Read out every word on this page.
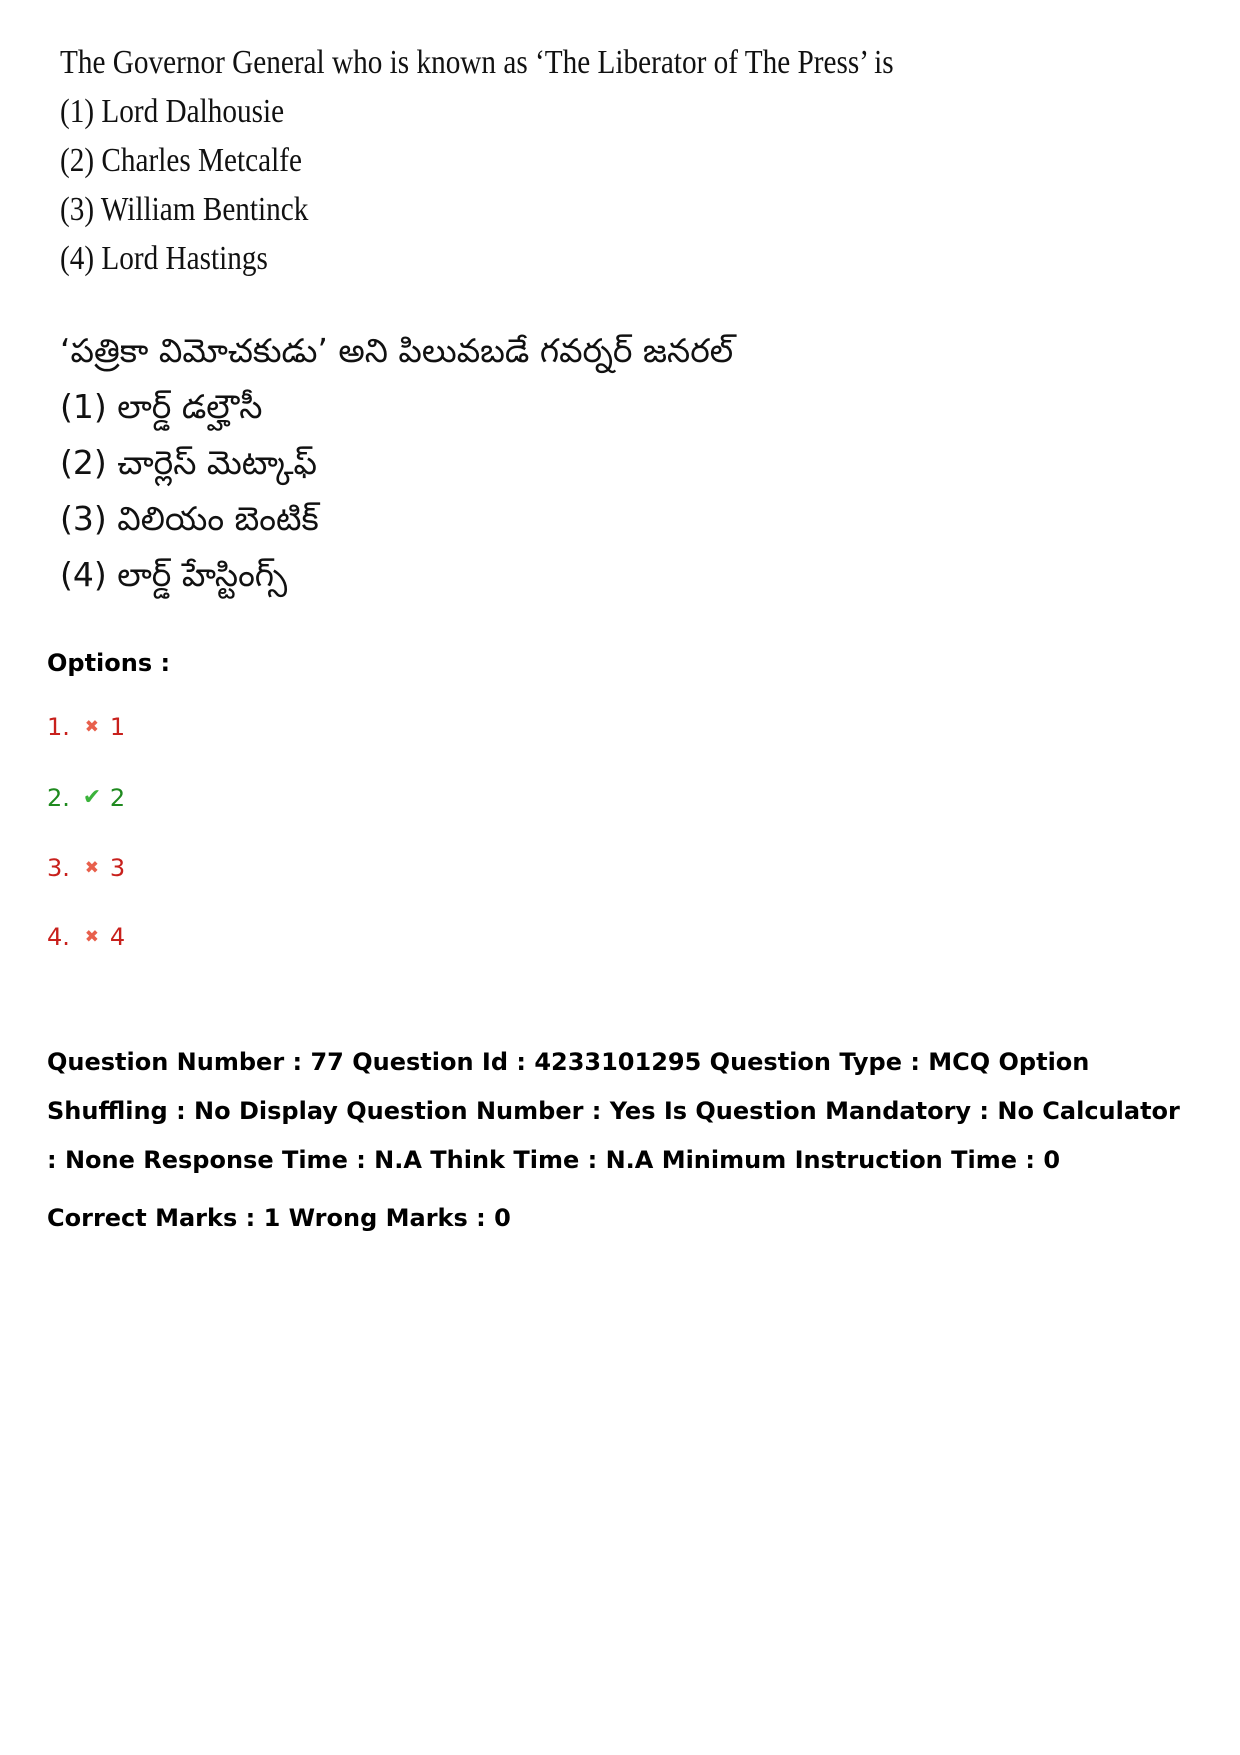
The Governor General who is known as ‘The Liberator of The Press’ is
(1) Lord Dalhousie
(2) Charles Metcalfe
(3) William Bentinck
(4) Lord Hastings
‘పత్రికా విమోచకుడు’ అని పిలువబడే గవర్నర్ జనరల్
(1) లార్డ్ డల్హౌసీ
(2) చార్లెస్ మెట్కాఫ్
(3) విలియం బెంటిక్
(4) లార్డ్ హేస్టింగ్స్
Options :
1. ✖ 1
2. ✔ 2
3. ✖ 3
4. ✖ 4
Question Number : 77 Question Id : 4233101295 Question Type : MCQ Option Shuffling : No Display Question Number : Yes Is Question Mandatory : No Calculator : None Response Time : N.A Think Time : N.A Minimum Instruction Time : 0
Correct Marks : 1 Wrong Marks : 0
